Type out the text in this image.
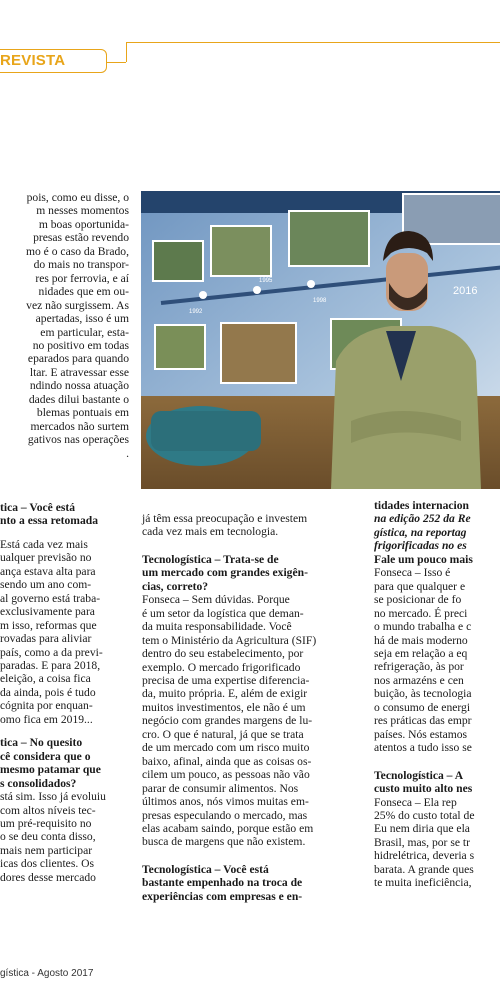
REVISTA

pois, como eu disse, o

m nesses momentos

m boas oportunida-

presas estão revendo

mo é o caso da Brado,

do mais no transpor-

res por ferrovia, e aí

nidades que em ou-

vez não surgissem. As

apertadas, isso é um

em particular, esta-

no positivo em todas

eparados para quando

ltar. E atravessar esse

ndindo nossa atuação

dades dilui bastante o

blemas pontuais em

mercados não surtem

gativos nas operações

.

1992
1995
1998
2016

tica – Você está

nto a essa retomada

Está cada vez mais

ualquer previsão no

ança estava alta para

sendo um ano com-

al governo está traba-

exclusivamente para

m isso, reformas que

rovadas para aliviar

país, como a da previ-

paradas. E para 2018,

eleição, a coisa fica

da ainda, pois é tudo

cógnita por enquan-

omo fica em 2019...

tica – No quesito

cê considera que o

mesmo patamar que

s consolidados?

stá sim. Isso já evoluiu

com altos níveis tec-

um pré-requisito no

o se deu conta disso,

mais nem participar

icas dos clientes. Os

dores desse mercado

já têm essa preocupação e investem

cada vez mais em tecnologia.

Tecnologística – Trata-se de

um mercado com grandes exigên-

cias, correto?

Fonseca – Sem dúvidas. Porque

é um setor da logística que deman-

da muita responsabilidade. Você

tem o Ministério da Agricultura (SIF)

dentro do seu estabelecimento, por

exemplo. O mercado frigorificado

precisa de uma expertise diferencia-

da, muito própria. E, além de exigir

muitos investimentos, ele não é um

negócio com grandes margens de lu-

cro. O que é natural, já que se trata

de um mercado com um risco muito

baixo, afinal, ainda que as coisas os-

cilem um pouco, as pessoas não vão

parar de consumir alimentos. Nos

últimos anos, nós vimos muitas em-

presas especulando o mercado, mas

elas acabam saindo, porque estão em

busca de margens que não existem.

Tecnologística – Você está

bastante empenhado na troca de

experiências com empresas e en-

tidades internacion

na edição 252 da Re

gística, na reportag

frigorificadas no es

Fale um pouco mais

Fonseca – Isso é

para que qualquer e

se posicionar de fo

no mercado. É preci

o mundo trabalha e c

há de mais moderno

seja em relação a eq

refrigeração, às por

nos armazéns e cen

buição, às tecnologia

o consumo de energi

res práticas das empr

países. Nós estamos

atentos a tudo isso se

Tecnologística – A

custo muito alto nes

Fonseca – Ela rep

25% do custo total de

Eu nem diria que ela

Brasil, mas, por se tr

hidrelétrica, deveria s

barata. A grande ques

te muita ineficiência,

gística - Agosto 2017
